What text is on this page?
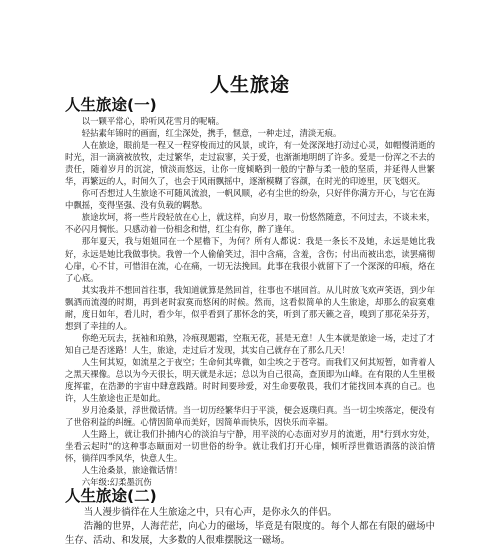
人生旅途
人生旅途(一)

以一颗平常心，聆听风花雪月的呢喃。

轻拈素年锦时的画面，红尘深处，携手，惬意，一种走过，清淡无痕。

人在旅途，眼前是一程又一程穿梭而过的风景，或许，有一处深深地打动过心灵，如帽慢消逝的时光，泪一滴滴被放牧，走过繁华，走过寂寥，关于爱，也渐渐地明朗了许多。爱是一份浑之不去的责任，随着岁月的沉淀，愤淡而悠远，让你一度倾略到一般的宁静与柔一般的坚质，并延得人世繁华，再繁远的人，时间久了，也会于风雨飘摇中，逐渐模糊了容颜，在时光的印迹里，厌飞烟灭。

你可否想过人生旅途不可随风流浪，一帆风顺，必有尘世的纷杂，只好伴你满方开心，与它在海中飘摇，变得坚强、没有负载的羁愁。

旅途坎坷，将一些片段轻放在心上，就这样，向岁月，取一份悠然随意，不问过去，不谈未来，不必闪月惆怅。只感动着一份相念和惜，红尘有你，醉了逢年。

那年夏天，我与姐姐同在一个屋檐下，为何？所有人都说：我是一条长不及她，永远是她比我好，永远是她比我做事快。我曾一个人偷偷笑过，泪中含痛，含羞，含伤；付出而被出恋，读罢痛彻心扉，心不甘，可惜泪在流，心在痛，一切无法挽回。此事在我很小就留下了一个深深的印痕，烙在了心底。

其实我并不想回首往事，我知道就算是然回首，往事也不堪回首。从儿时放飞欢声笑语，到少年飘洒而流漫的时期，再到老时寂寞而悠闲的时候。然而，这看似简单的人生旅途，却那么的寂寞难耐，度日如年，看儿时，看少年，似乎看到了那怀念的笑，听到了那天籁之音，嗅到了那花朵芬芳，想到了幸挂的人。

你绝无玩去，抚袖和珀熟，冷痕现题霜，空瓶无花，甚是无意！人生本就是旅途一场，走过了才知自己是否迷路！人生，旅途，走过后才发现，其实自己就存在了那么几天！

人生何其短，如流星之于夜空；生命何其卑微，如尘埃之于苍穹。而我们又何其短暂，如背着人之黑天裸像。总以为今天很长，明天就是永远；总以为自己很高，查顶即为山峰。在有限的人生里极度挥霍，在浩渺的宇宙中肆意践踏。时时间要珍爱，对生命要敬畏，我们才能找回本真的自己。也许，人生旅途也正是如此。

岁月沧桑景，浮世微话情。当一切历经繁华归于平淡，便会返璞归真。当一切尘埃落定，便没有了世俗利益的纠缠。心情因简单而美好，因简单而快乐，因快乐而幸福。

人生路上，就让我们扑捕内心的淡泊与宁静，用平淡的心态面对岁月的流逝，用"行到水穷处，坐看云起时"的这种事态颐面对一切世俗的纷争。就让我们打开心扉，倾听浮世微语酒落的淡泊情怀，徜徉四季风华，快意人生。

人生沧桑景，旅途微话情！

六年级:幻柔墨沉伤

人生旅途(二)

当人漫步徜徉在人生旅途之中，只有心声，是你永久的伴侣。

浩瀚的世界，人海茫茫，向心力的磁场，毕竟是有限度的。每个人都在有限的磁场中生存、活动、和发展，大多数的人很难摆脱这一磁场。
